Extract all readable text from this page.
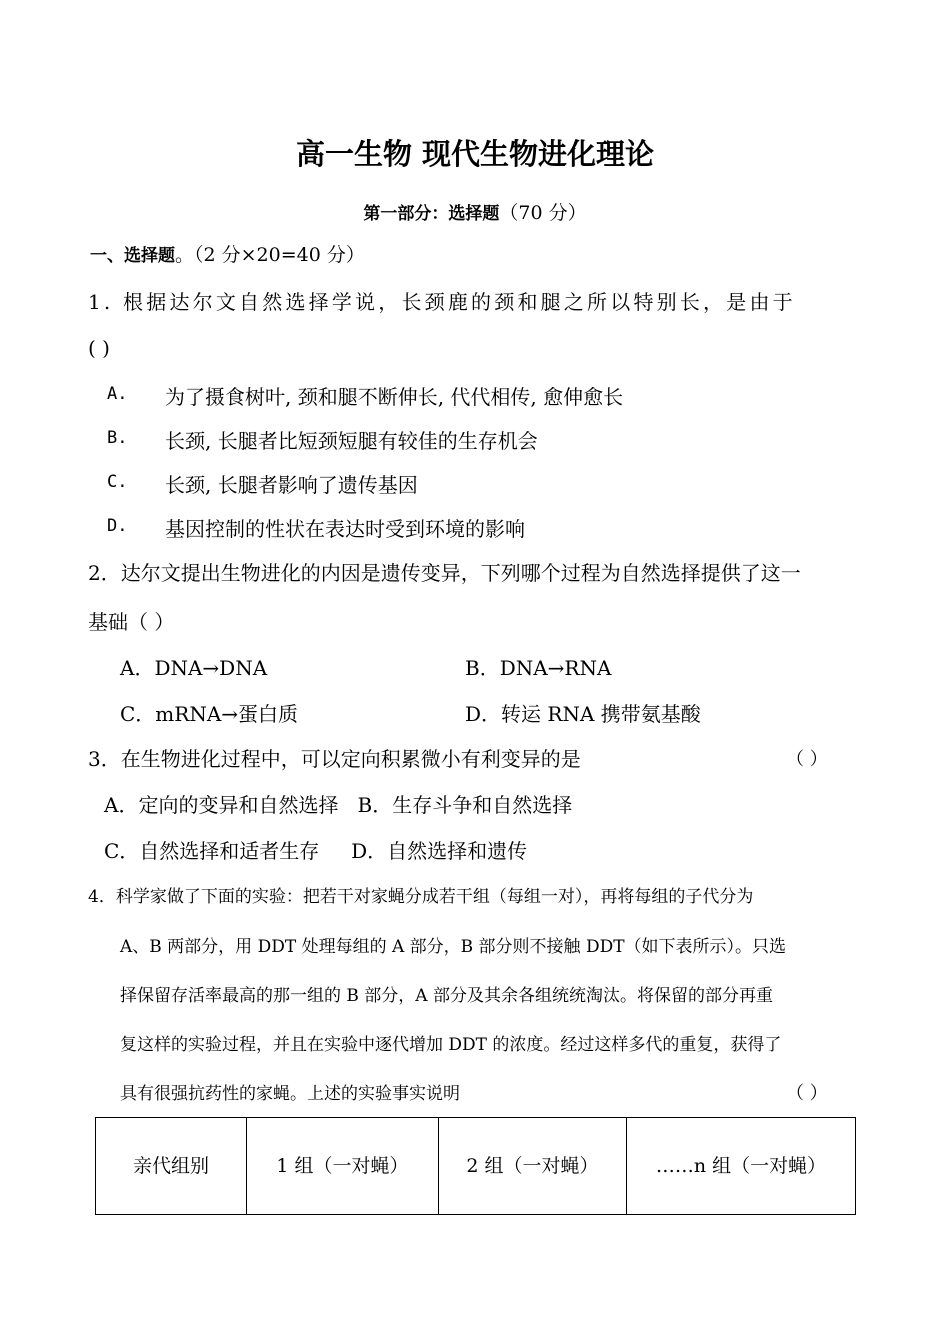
高一生物 现代生物进化理论
第一部分：选择题（70 分）
一、选择题。（2 分×20=40 分）
1. 根据达尔文自然选择学说，长颈鹿的颈和腿之所以特别长，是由于
( )
A. 为了摄食树叶, 颈和腿不断伸长, 代代相传, 愈伸愈长
B. 长颈, 长腿者比短颈短腿有较佳的生存机会
C. 长颈, 长腿者影响了遗传基因
D. 基因控制的性状在表达时受到环境的影响
2．达尔文提出生物进化的内因是遗传变异，下列哪个过程为自然选择提供了这一
基础（ ）
A．DNA→DNA	B．DNA→RNA
C．mRNA→蛋白质	D．转运 RNA 携带氨基酸
3．在生物进化过程中，可以定向积累微小有利变异的是	（ ）
A．定向的变异和自然选择   B．生存斗争和自然选择
C．自然选择和适者生存     D．自然选择和遗传
4．科学家做了下面的实验：把若干对家蝇分成若干组（每组一对），再将每组的子代分为
A、B 两部分，用 DDT 处理每组的 A 部分，B 部分则不接触 DDT（如下表所示）。只选
择保留存活率最高的那一组的 B 部分，A 部分及其余各组统统淘汰。将保留的部分再重
复这样的实验过程，并且在实验中逐代增加 DDT 的浓度。经过这样多代的重复，获得了
具有很强抗药性的家蝇。上述的实验事实说明	（ ）
亲代组别	1 组（一对蝇）	2 组（一对蝇）	……n 组（一对蝇）
